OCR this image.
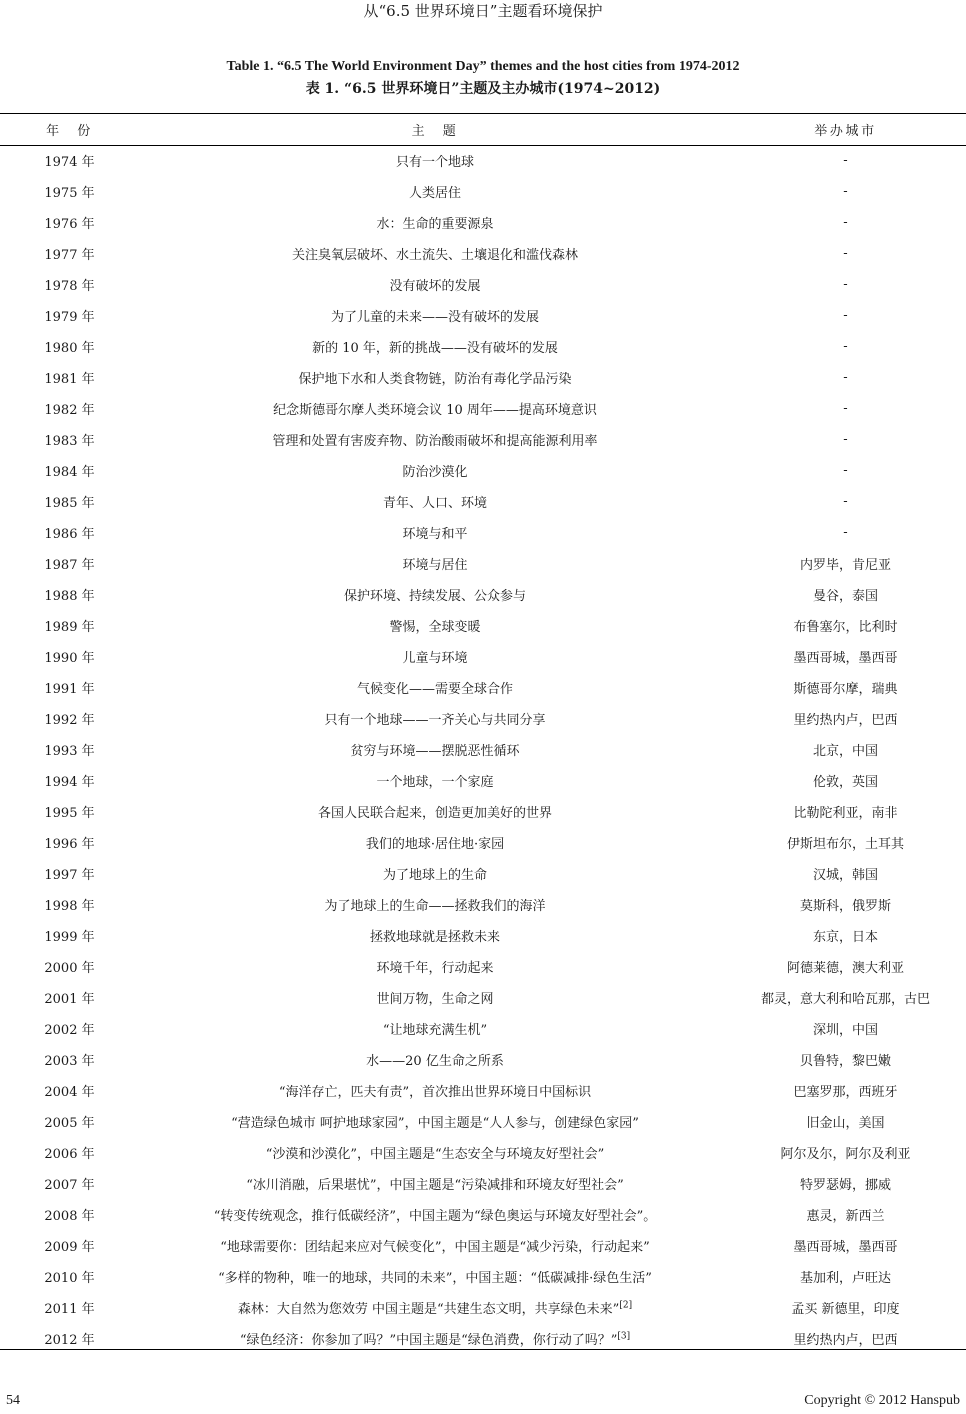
从“6.5 世界环境日”主题看环境保护
Table 1. “6.5 The World Environment Day” themes and the host cities from 1974-2012
表 1. “6.5 世界环境日”主题及主办城市(1974~2012)
年　份	主　题	举办城市
1974 年	只有一个地球	-
1975 年	人类居住	-
1976 年	水：生命的重要源泉	-
1977 年	关注臭氧层破坏、水土流失、土壤退化和滥伐森林	-
1978 年	没有破坏的发展	-
1979 年	为了儿童的未来——没有破坏的发展	-
1980 年	新的 10 年，新的挑战——没有破坏的发展	-
1981 年	保护地下水和人类食物链，防治有毒化学品污染	-
1982 年	纪念斯德哥尔摩人类环境会议 10 周年——提高环境意识	-
1983 年	管理和处置有害废弃物、防治酸雨破坏和提高能源利用率	-
1984 年	防治沙漠化	-
1985 年	青年、人口、环境	-
1986 年	环境与和平	-
1987 年	环境与居住	内罗毕，肯尼亚
1988 年	保护环境、持续发展、公众参与	曼谷，泰国
1989 年	警惕，全球变暖	布鲁塞尔，比利时
1990 年	儿童与环境	墨西哥城，墨西哥
1991 年	气候变化——需要全球合作	斯德哥尔摩，瑞典
1992 年	只有一个地球——一齐关心与共同分享	里约热内卢，巴西
1993 年	贫穷与环境——摆脱恶性循环	北京，中国
1994 年	一个地球，一个家庭	伦敦，英国
1995 年	各国人民联合起来，创造更加美好的世界	比勒陀利亚，南非
1996 年	我们的地球·居住地·家园	伊斯坦布尔，土耳其
1997 年	为了地球上的生命	汉城，韩国
1998 年	为了地球上的生命——拯救我们的海洋	莫斯科，俄罗斯
1999 年	拯救地球就是拯救未来	东京，日本
2000 年	环境千年，行动起来	阿德莱德，澳大利亚
2001 年	世间万物，生命之网	都灵，意大利和哈瓦那，古巴
2002 年	“让地球充满生机”	深圳，中国
2003 年	水——20 亿生命之所系	贝鲁特，黎巴嫩
2004 年	“海洋存亡，匹夫有责”，首次推出世界环境日中国标识	巴塞罗那，西班牙
2005 年	“营造绿色城市 呵护地球家园”，中国主题是“人人参与，创建绿色家园”	旧金山，美国
2006 年	“沙漠和沙漠化”，中国主题是“生态安全与环境友好型社会”	阿尔及尔，阿尔及利亚
2007 年	“冰川消融，后果堪忧”，中国主题是“污染减排和环境友好型社会”	特罗瑟姆，挪威
2008 年	“转变传统观念，推行低碳经济”，中国主题为“绿色奥运与环境友好型社会”。	惠灵，新西兰
2009 年	“地球需要你：团结起来应对气候变化”，中国主题是“减少污染，行动起来”	墨西哥城，墨西哥
2010 年	“多样的物种，唯一的地球，共同的未来”，中国主题：“低碳减排·绿色生活”	基加利，卢旺达
2011 年	森林：大自然为您效劳 中国主题是“共建生态文明，共享绿色未来”[2]	孟买 新德里，印度
2012 年	“绿色经济：你参加了吗？”中国主题是“绿色消费，你行动了吗？”[3]	里约热内卢，巴西
54	Copyright © 2012 Hanspub
